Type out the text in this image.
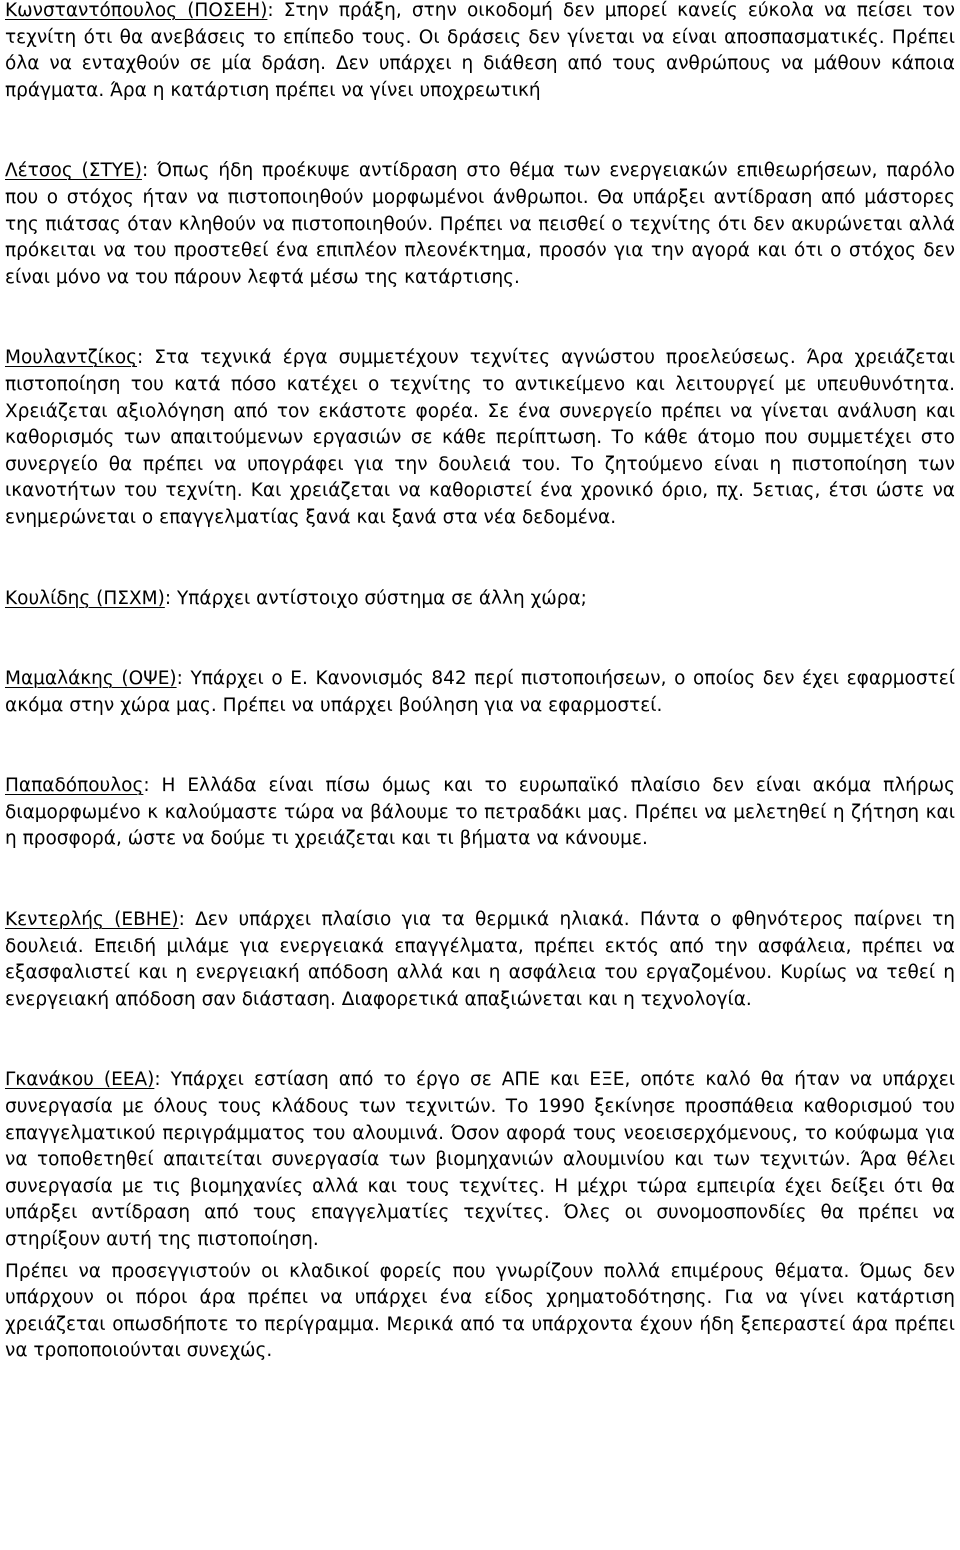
Κωνσταντόπουλος (ΠΟΣΕΗ): Στην πράξη, στην οικοδομή δεν μπορεί κανείς εύκολα να πείσει τον τεχνίτη ότι θα ανεβάσεις το επίπεδο τους. Οι δράσεις δεν γίνεται να είναι αποσπασματικές. Πρέπει όλα να ενταχθούν σε μία δράση. Δεν υπάρχει η διάθεση από τους ανθρώπους να μάθουν κάποια πράγματα. Άρα η κατάρτιση πρέπει να γίνει υποχρεωτική

Λέτσος (ΣΤΥΕ): Όπως ήδη προέκυψε αντίδραση στο θέμα των ενεργειακών επιθεωρήσεων, παρόλο που ο στόχος ήταν να πιστοποιηθούν μορφωμένοι άνθρωποι. Θα υπάρξει αντίδραση από μάστορες της πιάτσας όταν κληθούν να πιστοποιηθούν. Πρέπει να πεισθεί ο τεχνίτης ότι δεν ακυρώνεται αλλά πρόκειται να του προστεθεί ένα επιπλέον πλεονέκτημα, προσόν για την αγορά και ότι ο στόχος δεν είναι μόνο να του πάρουν λεφτά μέσω της κατάρτισης.

Μουλαντζίκος: Στα τεχνικά έργα συμμετέχουν τεχνίτες αγνώστου προελεύσεως. Άρα χρειάζεται πιστοποίηση του κατά πόσο κατέχει ο τεχνίτης το αντικείμενο και λειτουργεί με υπευθυνότητα. Χρειάζεται αξιολόγηση από τον εκάστοτε φορέα. Σε ένα συνεργείο πρέπει να γίνεται ανάλυση και καθορισμός των απαιτούμενων εργασιών σε κάθε περίπτωση. Το κάθε άτομο που συμμετέχει στο συνεργείο θα πρέπει να υπογράφει για την δουλειά του. Το ζητούμενο είναι η πιστοποίηση των ικανοτήτων του τεχνίτη. Και χρειάζεται να καθοριστεί ένα χρονικό όριο, πχ. 5ετιας, έτσι ώστε να ενημερώνεται ο επαγγελματίας ξανά και ξανά στα νέα δεδομένα.

Κουλίδης (ΠΣΧΜ): Υπάρχει αντίστοιχο σύστημα σε άλλη χώρα;

Μαμαλάκης (ΟΨΕ): Υπάρχει ο Ε. Κανονισμός 842 περί πιστοποιήσεων, ο οποίος δεν έχει εφαρμοστεί ακόμα στην χώρα μας. Πρέπει να υπάρχει βούληση για να εφαρμοστεί.

Παπαδόπουλος: Η Ελλάδα είναι πίσω όμως και το ευρωπαϊκό πλαίσιο δεν είναι ακόμα πλήρως διαμορφωμένο κ καλούμαστε τώρα να βάλουμε το πετραδάκι μας. Πρέπει να μελετηθεί η ζήτηση και η προσφορά, ώστε να δούμε τι χρειάζεται και τι βήματα να κάνουμε.

Κεντερλής (ΕΒΗΕ): Δεν υπάρχει πλαίσιο για τα θερμικά ηλιακά. Πάντα ο φθηνότερος παίρνει τη δουλειά. Επειδή μιλάμε για ενεργειακά επαγγέλματα, πρέπει εκτός από την ασφάλεια, πρέπει να εξασφαλιστεί και η ενεργειακή απόδοση αλλά και η ασφάλεια του εργαζομένου. Κυρίως να τεθεί η ενεργειακή απόδοση σαν διάσταση. Διαφορετικά απαξιώνεται και η τεχνολογία.

Γκανάκου (ΕΕΑ): Υπάρχει εστίαση από το έργο σε ΑΠΕ και ΕΞΕ, οπότε καλό θα ήταν να υπάρχει συνεργασία με όλους τους κλάδους των τεχνιτών. Το 1990 ξεκίνησε προσπάθεια καθορισμού του επαγγελματικού περιγράμματος του αλουμινά. Όσον αφορά τους νεοεισερχόμενους, το κούφωμα για να τοποθετηθεί απαιτείται συνεργασία των βιομηχανιών αλουμινίου και των τεχνιτών. Άρα θέλει συνεργασία με τις βιομηχανίες αλλά και τους τεχνίτες. Η μέχρι τώρα εμπειρία έχει δείξει ότι θα υπάρξει αντίδραση από τους επαγγελματίες τεχνίτες. Όλες οι συνομοσπονδίες θα πρέπει να στηρίξουν αυτή της πιστοποίηση.

Πρέπει να προσεγγιστούν οι κλαδικοί φορείς που γνωρίζουν πολλά επιμέρους θέματα. Όμως δεν υπάρχουν οι πόροι άρα πρέπει να υπάρχει ένα είδος χρηματοδότησης. Για να γίνει κατάρτιση χρειάζεται οπωσδήποτε το περίγραμμα. Μερικά από τα υπάρχοντα έχουν ήδη ξεπεραστεί άρα πρέπει να τροποποιούνται συνεχώς.
